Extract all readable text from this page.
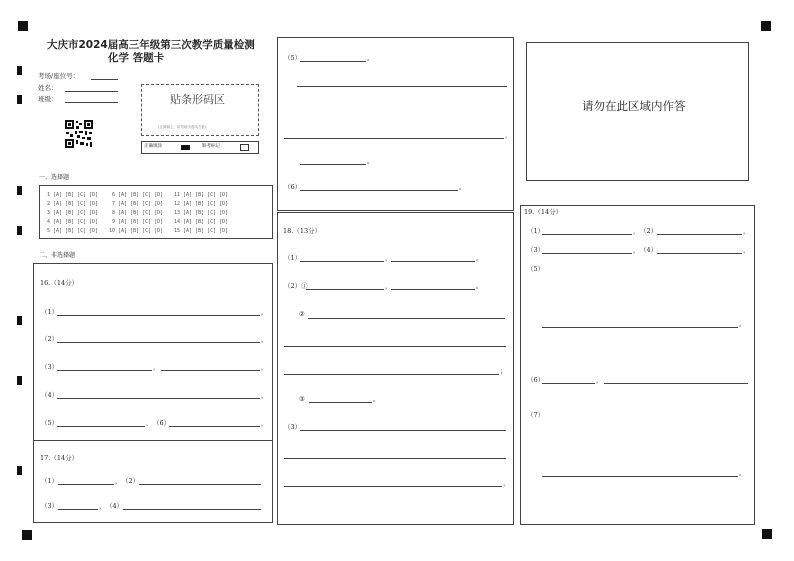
大庆市2024届高三年级第三次教学质量检测
化学 答题卡
考场/座位号：
姓名：
班级：	贴条形码区
(正面朝上，切勿贴出虚线方框)
正确填涂	缺考标记
一、选择题
1 [A] [B] [C] [D]
2 [A] [B] [C] [D]
3 [A] [B] [C] [D]
4 [A] [B] [C] [D]
5 [A] [B] [C] [D]
6 [A] [B] [C] [D]
7 [A] [B] [C] [D]
8 [A] [B] [C] [D]
9 [A] [B] [C] [D]
10 [A] [B] [C] [D]
11 [A] [B] [C] [D]
12 [A] [B] [C] [D]
13 [A] [B] [C] [D]
14 [A] [B] [C] [D]
15 [A] [B] [C] [D]
二、非选择题
16.（14分）
（1）	，
（2）	，
（3）	，	，
（4）	，
（5）	， （6）	，
17.（14分）
（1）	， （2）
（3）	， （4）
（5）	。
，
。
（6）	。
18.（13分）
（1）	，	。
（2）①	，	。
②
；
③	。
（3）
，
请勿在此区域内作答
19.（14分）
（1）	， （2）	，
（3）	， （4）	，
（5）
。
（6）	，
（7）
。
